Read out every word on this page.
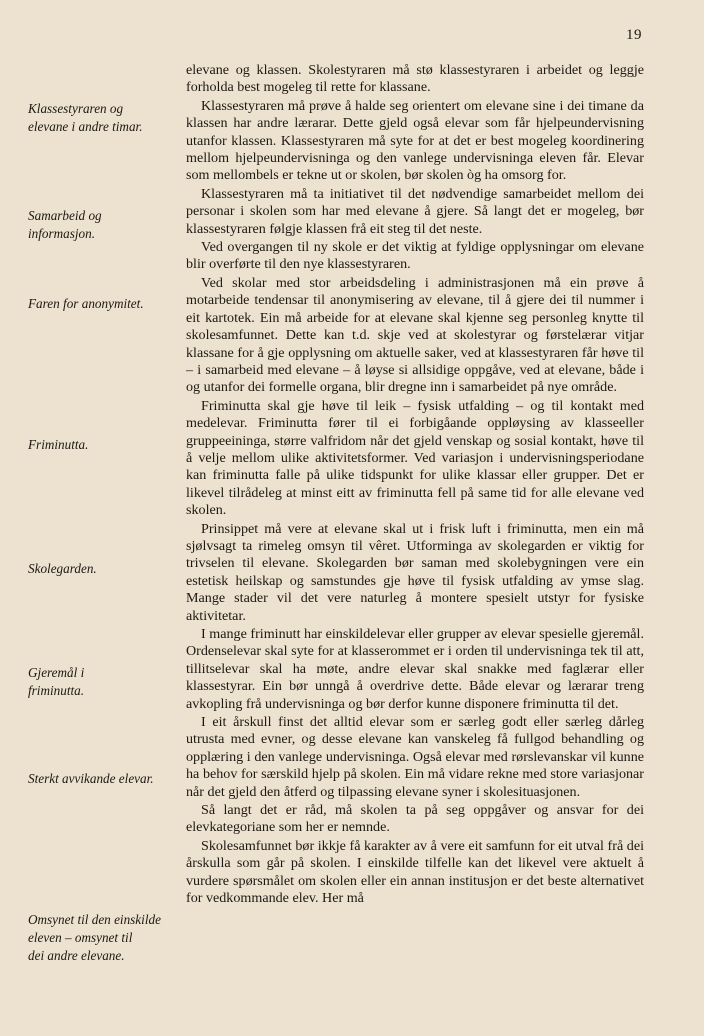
19
Klassestyraren og
elevane i andre timar.
Samarbeid og
informasjon.
Faren for anonymitet.
Friminutta.
Skolegarden.
Gjeremål i
friminutta.
Sterkt avvikande elevar.
Omsynet til den einskilde
eleven – omsynet til
dei andre elevane.

elevane og klassen. Skolestyraren må stø klassestyraren i arbeidet og leggje forholda best mogeleg til rette for klassane.

Klassestyraren må prøve å halde seg orientert om elevane sine i dei timane da klassen har andre lærarar. Dette gjeld også elevar som får hjelpeundervisning utanfor klassen. Klassestyraren må syte for at det er best mogeleg koordinering mellom hjelpeundervisninga og den vanlege undervisninga eleven får. Elevar som mellombels er tekne ut or skolen, bør skolen òg ha omsorg for.

Klassestyraren må ta initiativet til det nødvendige samarbeidet mellom dei personar i skolen som har med elevane å gjere. Så langt det er mogeleg, bør klassestyraren følgje klassen frå eit steg til det neste.

Ved overgangen til ny skole er det viktig at fyldige opplysningar om elevane blir overførte til den nye klassestyraren.

Ved skolar med stor arbeidsdeling i administrasjonen må ein prøve å motarbeide tendensar til anonymisering av elevane, til å gjere dei til nummer i eit kartotek. Ein må arbeide for at elevane skal kjenne seg personleg knytte til skolesamfunnet. Dette kan t.d. skje ved at skolestyrar og førstelærar vitjar klassane for å gje opplysning om aktuelle saker, ved at klassestyraren får høve til – i samarbeid med elevane – å løyse si allsidige oppgåve, ved at elevane, både i og utanfor dei formelle organa, blir dregne inn i samarbeidet på nye område.

Friminutta skal gje høve til leik – fysisk utfalding – og til kontakt med medelevar. Friminutta fører til ei forbigåande oppløysing av klasseeller gruppeeininga, større valfridom når det gjeld venskap og sosial kontakt, høve til å velje mellom ulike aktivitetsformer. Ved variasjon i undervisningsperiodane kan friminutta falle på ulike tidspunkt for ulike klassar eller grupper. Det er likevel tilrådeleg at minst eitt av friminutta fell på same tid for alle elevane ved skolen.

Prinsippet må vere at elevane skal ut i frisk luft i friminutta, men ein må sjølvsagt ta rimeleg omsyn til vêret. Utforminga av skolegarden er viktig for trivselen til elevane. Skolegarden bør saman med skolebygningen vere ein estetisk heilskap og samstundes gje høve til fysisk utfalding av ymse slag. Mange stader vil det vere naturleg å montere spesielt utstyr for fysiske aktivitetar.

I mange friminutt har einskildelevar eller grupper av elevar spesielle gjeremål. Ordenselevar skal syte for at klasserommet er i orden til undervisninga tek til att, tillitselevar skal ha møte, andre elevar skal snakke med faglærar eller klassestyrar. Ein bør unngå å overdrive dette. Både elevar og lærarar treng avkopling frå undervisninga og bør derfor kunne disponere friminutta til det.

I eit årskull finst det alltid elevar som er særleg godt eller særleg dårleg utrusta med evner, og desse elevane kan vanskeleg få fullgod behandling og opplæring i den vanlege undervisninga. Også elevar med rørslevanskar vil kunne ha behov for særskild hjelp på skolen. Ein må vidare rekne med store variasjonar når det gjeld den åtferd og tilpassing elevane syner i skolesituasjonen.

Så langt det er råd, må skolen ta på seg oppgåver og ansvar for dei elevkategoriane som her er nemnde.

Skolesamfunnet bør ikkje få karakter av å vere eit samfunn for eit utval frå dei årskulla som går på skolen. I einskilde tilfelle kan det likevel vere aktuelt å vurdere spørsmålet om skolen eller ein annan institusjon er det beste alternativet for vedkommande elev. Her må
